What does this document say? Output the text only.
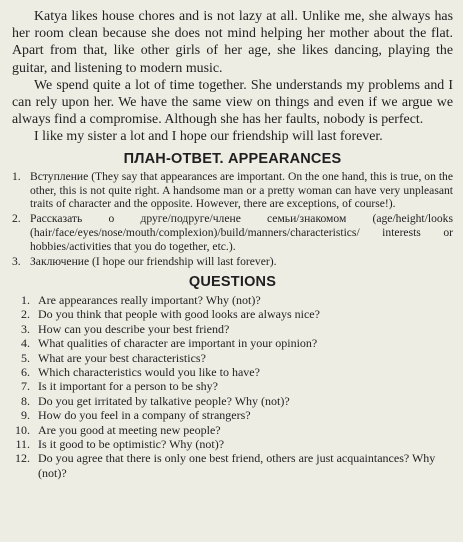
Katya likes house chores and is not lazy at all. Unlike me, she always has her room clean because she does not mind helping her mother about the flat. Apart from that, like other girls of her age, she likes dancing, playing the guitar, and listening to modern music.

We spend quite a lot of time together. She understands my problems and I can rely upon her. We have the same view on things and even if we argue we always find a compromise. Although she has her faults, nobody is perfect.

I like my sister a lot and I hope our friendship will last forever.

ПЛАН-ОТВЕТ. APPEARANCES
1. Вступление (They say that appearances are important. On the one hand, this is true, on the other, this is not quite right. A handsome man or a pretty woman can have very unpleasant traits of character and the opposite. However, there are exceptions, of course!).
2. Рассказать о друге/подруге/члене семьи/знакомом (age/height/looks (hair/face/eyes/nose/mouth/complexion)/build/manners/characteristics/ interests or hobbies/activities that you do together, etc.).
3. Заключение (I hope our friendship will last forever).
QUESTIONS
1. Are appearances really important? Why (not)?
2. Do you think that people with good looks are always nice?
3. How can you describe your best friend?
4. What qualities of character are important in your opinion?
5. What are your best characteristics?
6. Which characteristics would you like to have?
7. Is it important for a person to be shy?
8. Do you get irritated by talkative people? Why (not)?
9. How do you feel in a company of strangers?
10. Are you good at meeting new people?
11. Is it good to be optimistic? Why (not)?
12. Do you agree that there is only one best friend, others are just acquaintances? Why (not)?
